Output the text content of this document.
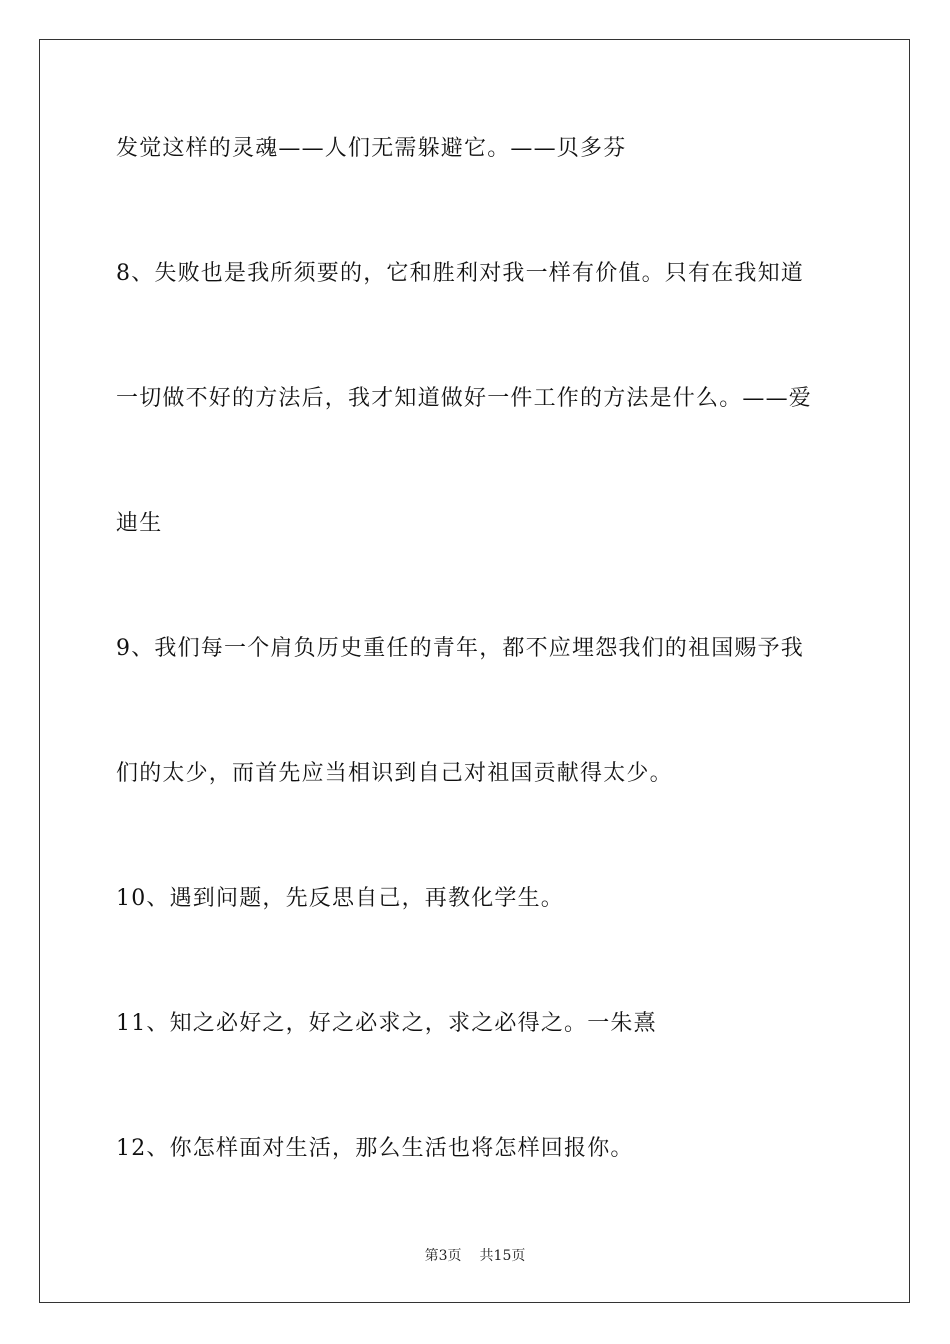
发觉这样的灵魂——人们无需躲避它。——贝多芬
8、失败也是我所须要的，它和胜利对我一样有价值。只有在我知道
一切做不好的方法后，我才知道做好一件工作的方法是什么。——爱
迪生
9、我们每一个肩负历史重任的青年，都不应埋怨我们的祖国赐予我
们的太少，而首先应当相识到自己对祖国贡献得太少。
10、遇到问题，先反思自己，再教化学生。
11、知之必好之，好之必求之，求之必得之。一朱熹
12、你怎样面对生活，那么生活也将怎样回报你。
第3页 共15页
